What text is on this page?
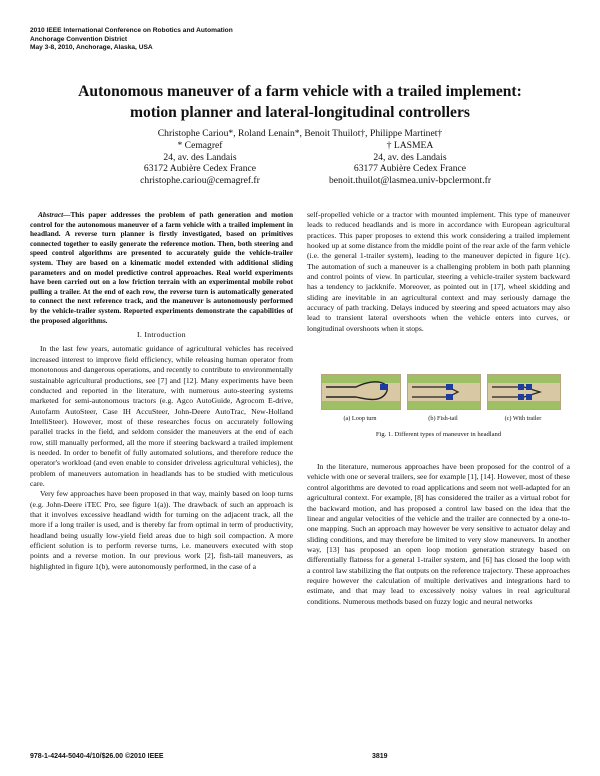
2010 IEEE International Conference on Robotics and Automation
Anchorage Convention District
May 3-8, 2010, Anchorage, Alaska, USA
Autonomous maneuver of a farm vehicle with a trailed implement:
motion planner and lateral-longitudinal controllers
Christophe Cariou*, Roland Lenain*, Benoit Thuilot†, Philippe Martinet†
* Cemagref
24, av. des Landais
63172 Aubière Cedex France
christophe.cariou@cemagref.fr
† LASMEA
24, av. des Landais
63177 Aubière Cedex France
benoit.thuilot@lasmea.univ-bpclermont.fr

Abstract—This paper addresses the problem of path generation and motion control for the autonomous maneuver of a farm vehicle with a trailed implement in headland. A reverse turn planner is firstly investigated, based on primitives connected together to easily generate the reference motion. Then, both steering and speed control algorithms are presented to accurately guide the vehicle-trailer system. They are based on a kinematic model extended with additional sliding parameters and on model predictive control approaches. Real world experiments have been carried out on a low friction terrain with an experimental mobile robot pulling a trailer. At the end of each row, the reverse turn is automatically generated to connect the next reference track, and the maneuver is autonomously performed by the vehicle-trailer system. Reported experiments demonstrate the capabilities of the proposed algorithms.

I. Introduction

In the last few years, automatic guidance of agricultural vehicles has received increased interest to improve field efficiency, while releasing human operator from monotonous and dangerous operations, and recently to contribute to environmentally sustainable agricultural productions, see [7] and [12]. Many experiments have been conducted and reported in the literature, with numerous auto-steering systems marketed for semi-autonomous tractors (e.g. Agco AutoGuide, Agrocom E-drive, Autofarm AutoSteer, Case IH AccuSteer, John-Deere AutoTrac, New-Holland IntelliSteer). However, most of these researches focus on accurately following parallel tracks in the field, and seldom consider the maneuvers at the end of each row, still manually performed, all the more if steering backward a trailed implement is needed. In order to benefit of fully automated solutions, and therefore reduce the operator's workload (and even enable to consider driveless agricultural vehicles), the problem of maneuvers automation in headlands has to be studied with meticulous care.

Very few approaches have been proposed in that way, mainly based on loop turns (e.g. John-Deere iTEC Pro, see figure 1(a)). The drawback of such an approach is that it involves excessive headland width for turning on the adjacent track, all the more if a long trailer is used, and is thereby far from optimal in term of productivity, headland being usually low-yield field areas due to high soil compaction. A more efficient solution is to perform reverse turns, i.e. maneuvers executed with stop points and a reverse motion. In our previous work [2], fish-tail maneuvers, as highlighted in figure 1(b), were autonomously performed, in the case of a

self-propelled vehicle or a tractor with mounted implement. This type of maneuver leads to reduced headlands and is more in accordance with European agricultural practices. This paper proposes to extend this work considering a trailed implement hooked up at some distance from the middle point of the rear axle of the farm vehicle (i.e. the general 1-trailer system), leading to the maneuver depicted in figure 1(c). The automation of such a maneuver is a challenging problem in both path planning and control points of view. In particular, steering a vehicle-trailer system backward has a tendency to jackknife. Moreover, as pointed out in [17], wheel skidding and sliding are inevitable in an agricultural context and may seriously damage the accuracy of path tracking. Delays induced by steering and speed actuators may also lead to transient lateral overshoots when the vehicle enters into curves, or longitudinal overshoots when it stops.

(a) Loop turn	(b) Fish-tail	(c) With trailer
Fig. 1. Different types of maneuver in headland

In the literature, numerous approaches have been proposed for the control of a vehicle with one or several trailers, see for example [1], [14]. However, most of these control algorithms are devoted to road applications and seem not well-adapted for an agricultural context. For example, [8] has considered the trailer as a virtual robot for the backward motion, and has proposed a control law based on the idea that the linear and angular velocities of the vehicle and the trailer are connected by a one-to-one mapping. Such an approach may however be very sensitive to actuator delay and sliding conditions, and may therefore be limited to very slow maneuvers. In another way, [13] has proposed an open loop motion generation strategy based on differentially flatness for a general 1-trailer system, and [6] has closed the loop with a control law stabilizing the flat outputs on the reference trajectory. These approaches require however the calculation of multiple derivatives and integrations hard to estimate, and that may lead to excessively noisy values in real agricultural conditions. Numerous methods based on fuzzy logic and neural networks

978-1-4244-5040-4/10/$26.00 ©2010 IEEE	3819
